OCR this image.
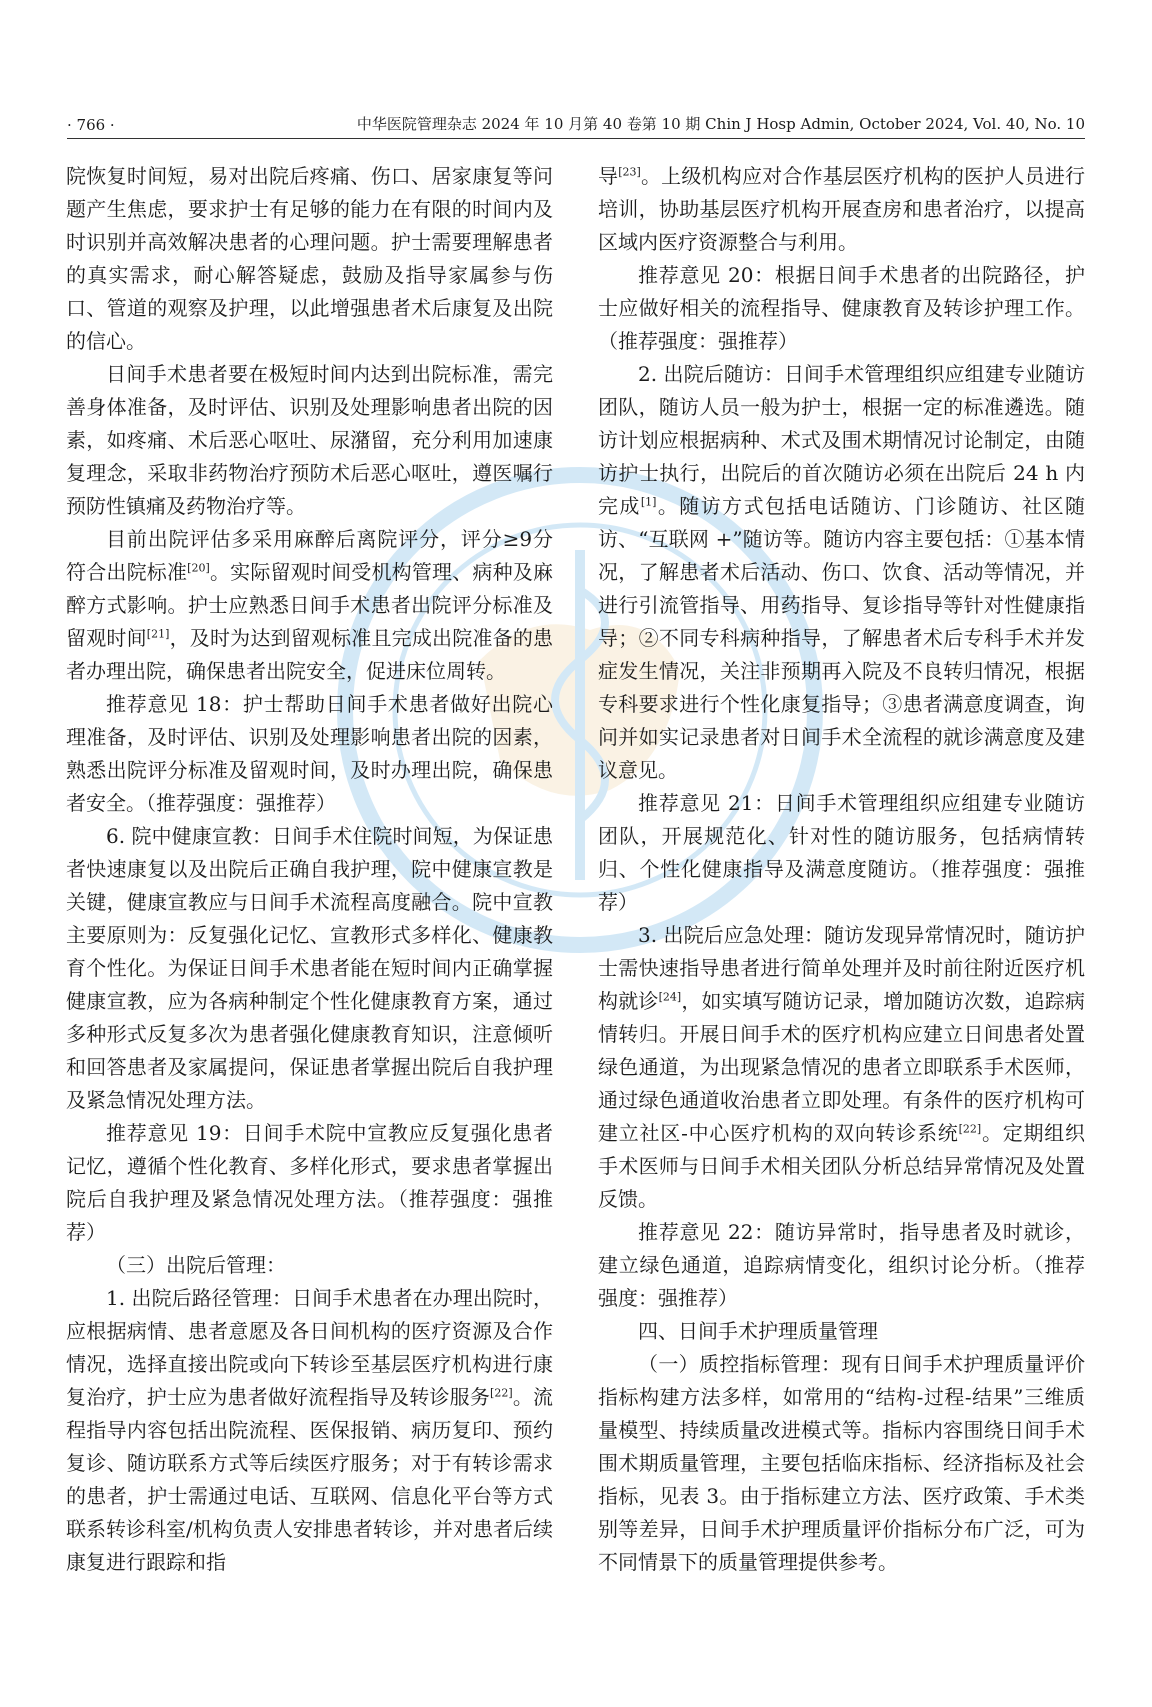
· 766 ·	中华医院管理杂志 2024 年 10 月第 40 卷第 10 期 Chin J Hosp Admin, October 2024, Vol. 40, No. 10

院恢复时间短，易对出院后疼痛、伤口、居家康复等问题产生焦虑，要求护士有足够的能力在有限的时间内及时识别并高效解决患者的心理问题。护士需要理解患者的真实需求，耐心解答疑虑，鼓励及指导家属参与伤口、管道的观察及护理，以此增强患者术后康复及出院的信心。

日间手术患者要在极短时间内达到出院标准，需完善身体准备，及时评估、识别及处理影响患者出院的因素，如疼痛、术后恶心呕吐、尿潴留，充分利用加速康复理念，采取非药物治疗预防术后恶心呕吐，遵医嘱行预防性镇痛及药物治疗等。

目前出院评估多采用麻醉后离院评分，评分≥9分符合出院标准[20]。实际留观时间受机构管理、病种及麻醉方式影响。护士应熟悉日间手术患者出院评分标准及留观时间[21]，及时为达到留观标准且完成出院准备的患者办理出院，确保患者出院安全，促进床位周转。

推荐意见 18：护士帮助日间手术患者做好出院心理准备，及时评估、识别及处理影响患者出院的因素，熟悉出院评分标准及留观时间，及时办理出院，确保患者安全。（推荐强度：强推荐）

6. 院中健康宣教：日间手术住院时间短，为保证患者快速康复以及出院后正确自我护理，院中健康宣教是关键，健康宣教应与日间手术流程高度融合。院中宣教主要原则为：反复强化记忆、宣教形式多样化、健康教育个性化。为保证日间手术患者能在短时间内正确掌握健康宣教，应为各病种制定个性化健康教育方案，通过多种形式反复多次为患者强化健康教育知识，注意倾听和回答患者及家属提问，保证患者掌握出院后自我护理及紧急情况处理方法。

推荐意见 19：日间手术院中宣教应反复强化患者记忆，遵循个性化教育、多样化形式，要求患者掌握出院后自我护理及紧急情况处理方法。（推荐强度：强推荐）

（三）出院后管理：

1. 出院后路径管理：日间手术患者在办理出院时，应根据病情、患者意愿及各日间机构的医疗资源及合作情况，选择直接出院或向下转诊至基层医疗机构进行康复治疗，护士应为患者做好流程指导及转诊服务[22]。流程指导内容包括出院流程、医保报销、病历复印、预约复诊、随访联系方式等后续医疗服务；对于有转诊需求的患者，护士需通过电话、互联网、信息化平台等方式联系转诊科室/机构负责人安排患者转诊，并对患者后续康复进行跟踪和指

导[23]。上级机构应对合作基层医疗机构的医护人员进行培训，协助基层医疗机构开展查房和患者治疗，以提高区域内医疗资源整合与利用。

推荐意见 20：根据日间手术患者的出院路径，护士应做好相关的流程指导、健康教育及转诊护理工作。（推荐强度：强推荐）

2. 出院后随访：日间手术管理组织应组建专业随访团队，随访人员一般为护士，根据一定的标准遴选。随访计划应根据病种、术式及围术期情况讨论制定，由随访护士执行，出院后的首次随访必须在出院后 24 h 内完成[1]。随访方式包括电话随访、门诊随访、社区随访、“互联网 +”随访等。随访内容主要包括：①基本情况，了解患者术后活动、伤口、饮食、活动等情况，并进行引流管指导、用药指导、复诊指导等针对性健康指导；②不同专科病种指导，了解患者术后专科手术并发症发生情况，关注非预期再入院及不良转归情况，根据专科要求进行个性化康复指导；③患者满意度调查，询问并如实记录患者对日间手术全流程的就诊满意度及建议意见。

推荐意见 21：日间手术管理组织应组建专业随访团队，开展规范化、针对性的随访服务，包括病情转归、个性化健康指导及满意度随访。（推荐强度：强推荐）

3. 出院后应急处理：随访发现异常情况时，随访护士需快速指导患者进行简单处理并及时前往附近医疗机构就诊[24]，如实填写随访记录，增加随访次数，追踪病情转归。开展日间手术的医疗机构应建立日间患者处置绿色通道，为出现紧急情况的患者立即联系手术医师，通过绿色通道收治患者立即处理。有条件的医疗机构可建立社区-中心医疗机构的双向转诊系统[22]。定期组织手术医师与日间手术相关团队分析总结异常情况及处置反馈。

推荐意见 22：随访异常时，指导患者及时就诊，建立绿色通道，追踪病情变化，组织讨论分析。（推荐强度：强推荐）

四、日间手术护理质量管理

（一）质控指标管理：现有日间手术护理质量评价指标构建方法多样，如常用的“结构-过程-结果”三维质量模型、持续质量改进模式等。指标内容围绕日间手术围术期质量管理，主要包括临床指标、经济指标及社会指标，见表 3。由于指标建立方法、医疗政策、手术类别等差异，日间手术护理质量评价指标分布广泛，可为不同情景下的质量管理提供参考。
